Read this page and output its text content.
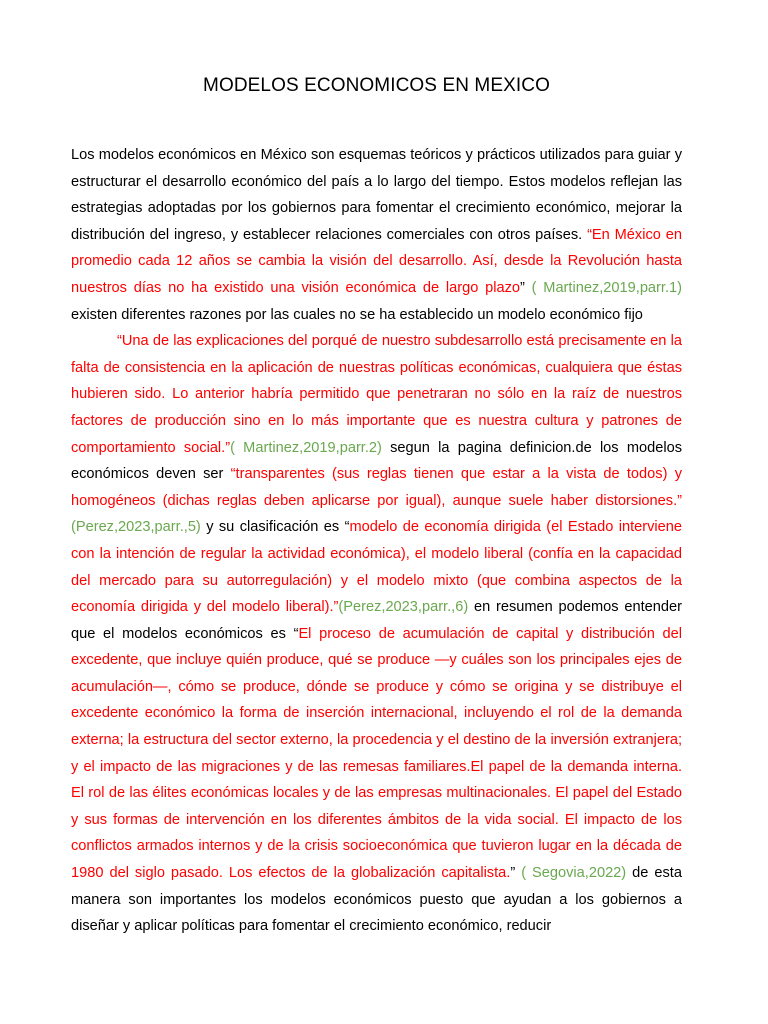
MODELOS ECONOMICOS EN MEXICO

Los modelos económicos en México son esquemas teóricos y prácticos utilizados para guiar y estructurar el desarrollo económico del país a lo largo del tiempo. Estos modelos reflejan las estrategias adoptadas por los gobiernos para fomentar el crecimiento económico, mejorar la distribución del ingreso, y establecer relaciones comerciales con otros países. “En México en promedio cada 12 años se cambia la visión del desarrollo. Así, desde la Revolución hasta nuestros días no ha existido una visión económica de largo plazo” ( Martinez,2019,parr.1) existen diferentes razones por las cuales no se ha establecido un modelo económico fijo

“Una de las explicaciones del porqué de nuestro subdesarrollo está precisamente en la falta de consistencia en la aplicación de nuestras políticas económicas, cualquiera que éstas hubieren sido. Lo anterior habría permitido que penetraran no sólo en la raíz de nuestros factores de producción sino en lo más importante que es nuestra cultura y patrones de comportamiento social.”( Martinez,2019,parr.2) segun la pagina definicion.de los modelos económicos deven ser “transparentes (sus reglas tienen que estar a la vista de todos) y homogéneos (dichas reglas deben aplicarse por igual), aunque suele haber distorsiones.” (Perez,2023,parr.,5) y su clasificación es “modelo de economía dirigida (el Estado interviene con la intención de regular la actividad económica), el modelo liberal (confía en la capacidad del mercado para su autorregulación) y el modelo mixto (que combina aspectos de la economía dirigida y del modelo liberal).”(Perez,2023,parr.,6) en resumen podemos entender que el modelos económicos es “El proceso de acumulación de capital y distribución del excedente, que incluye quién produce, qué se produce —y cuáles son los principales ejes de acumulación—, cómo se produce, dónde se produce y cómo se origina y se distribuye el excedente económico la forma de inserción internacional, incluyendo el rol de la demanda externa; la estructura del sector externo, la procedencia y el destino de la inversión extranjera; y el impacto de las migraciones y de las remesas familiares.El papel de la demanda interna. El rol de las élites económicas locales y de las empresas multinacionales. El papel del Estado y sus formas de intervención en los diferentes ámbitos de la vida social. El impacto de los conflictos armados internos y de la crisis socioeconómica que tuvieron lugar en la década de 1980 del siglo pasado. Los efectos de la globalización capitalista.” ( Segovia,2022) de esta manera son importantes los modelos económicos puesto que ayudan a los gobiernos a diseñar y aplicar políticas para fomentar el crecimiento económico, reducir
